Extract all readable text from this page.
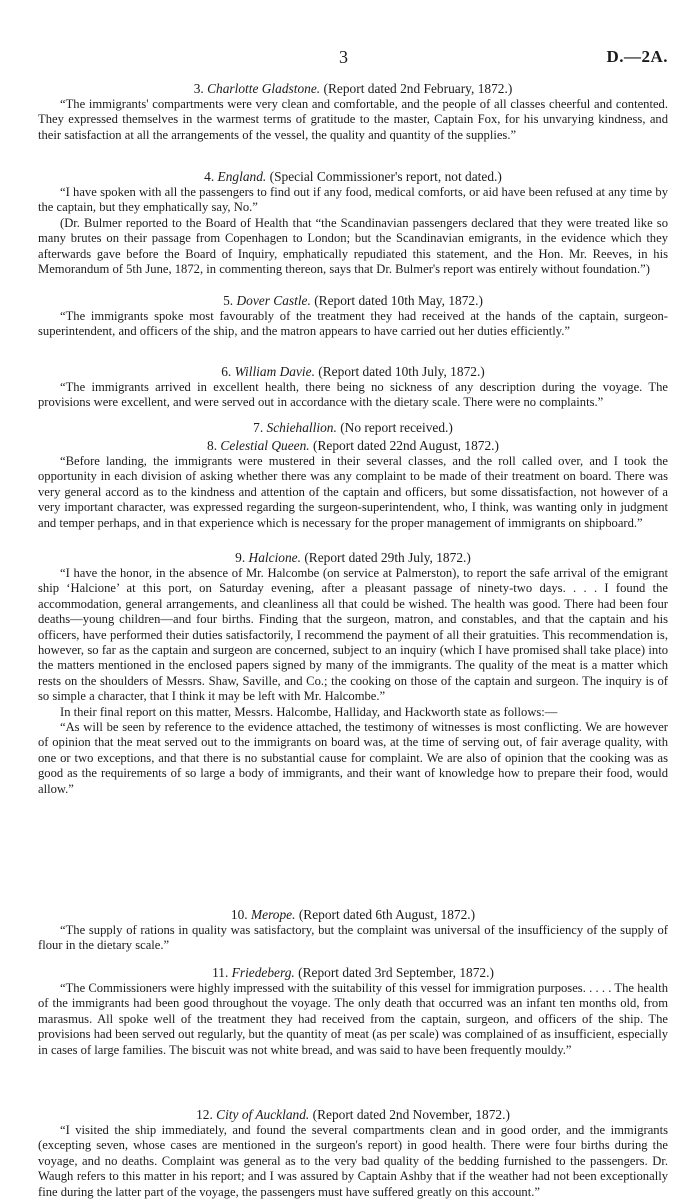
3	D.—2A.

3. Charlotte Gladstone. (Report dated 2nd February, 1872.)

“The immigrants' compartments were very clean and comfortable, and the people of all classes cheerful and contented. They expressed themselves in the warmest terms of gratitude to the master, Captain Fox, for his unvarying kindness, and their satisfaction at all the arrangements of the vessel, the quality and quantity of the supplies.”

4. England. (Special Commissioner's report, not dated.)

“I have spoken with all the passengers to find out if any food, medical comforts, or aid have been refused at any time by the captain, but they emphatically say, No.”

(Dr. Bulmer reported to the Board of Health that “the Scandinavian passengers declared that they were treated like so many brutes on their passage from Copenhagen to London; but the Scandinavian emigrants, in the evidence which they afterwards gave before the Board of Inquiry, emphatically repudiated this statement, and the Hon. Mr. Reeves, in his Memorandum of 5th June, 1872, in commenting thereon, says that Dr. Bulmer's report was entirely without foundation.”)

5. Dover Castle. (Report dated 10th May, 1872.)

“The immigrants spoke most favourably of the treatment they had received at the hands of the captain, surgeon-superintendent, and officers of the ship, and the matron appears to have carried out her duties efficiently.”

6. William Davie. (Report dated 10th July, 1872.)

“The immigrants arrived in excellent health, there being no sickness of any description during the voyage. The provisions were excellent, and were served out in accordance with the dietary scale. There were no complaints.”

7. Schiehallion. (No report received.)

8. Celestial Queen. (Report dated 22nd August, 1872.)

“Before landing, the immigrants were mustered in their several classes, and the roll called over, and I took the opportunity in each division of asking whether there was any complaint to be made of their treatment on board. There was very general accord as to the kindness and attention of the captain and officers, but some dissatisfaction, not however of a very important character, was expressed regarding the surgeon-superintendent, who, I think, was wanting only in judgment and temper perhaps, and in that experience which is necessary for the proper management of immigrants on shipboard.”

9. Halcione. (Report dated 29th July, 1872.)

“I have the honor, in the absence of Mr. Halcombe (on service at Palmerston), to report the safe arrival of the emigrant ship ‘Halcione’ at this port, on Saturday evening, after a pleasant passage of ninety-two days. . . . I found the accommodation, general arrangements, and cleanliness all that could be wished. The health was good. There had been four deaths—young children—and four births. Finding that the surgeon, matron, and constables, and that the captain and his officers, have performed their duties satisfactorily, I recommend the payment of all their gratuities. This recommendation is, however, so far as the captain and surgeon are concerned, subject to an inquiry (which I have promised shall take place) into the matters mentioned in the enclosed papers signed by many of the immigrants. The quality of the meat is a matter which rests on the shoulders of Messrs. Shaw, Saville, and Co.; the cooking on those of the captain and surgeon. The inquiry is of so simple a character, that I think it may be left with Mr. Halcombe.”

In their final report on this matter, Messrs. Halcombe, Halliday, and Hackworth state as follows:—

“As will be seen by reference to the evidence attached, the testimony of witnesses is most conflicting. We are however of opinion that the meat served out to the immigrants on board was, at the time of serving out, of fair average quality, with one or two exceptions, and that there is no substantial cause for complaint. We are also of opinion that the cooking was as good as the requirements of so large a body of immigrants, and their want of knowledge how to prepare their food, would allow.”

10. Merope. (Report dated 6th August, 1872.)

“The supply of rations in quality was satisfactory, but the complaint was universal of the insufficiency of the supply of flour in the dietary scale.”

11. Friedeberg. (Report dated 3rd September, 1872.)

“The Commissioners were highly impressed with the suitability of this vessel for immigration purposes. . . . . The health of the immigrants had been good throughout the voyage. The only death that occurred was an infant ten months old, from marasmus. All spoke well of the treatment they had received from the captain, surgeon, and officers of the ship. The provisions had been served out regularly, but the quantity of meat (as per scale) was complained of as insufficient, especially in cases of large families. The biscuit was not white bread, and was said to have been frequently mouldy.”

12. City of Auckland. (Report dated 2nd November, 1872.)

“I visited the ship immediately, and found the several compartments clean and in good order, and the immigrants (excepting seven, whose cases are mentioned in the surgeon's report) in good health. There were four births during the voyage, and no deaths. Complaint was general as to the very bad quality of the bedding furnished to the passengers. Dr. Waugh refers to this matter in his report; and I was assured by Captain Ashby that if the weather had not been exceptionally fine during the latter part of the voyage, the passengers must have suffered greatly on this account.”
